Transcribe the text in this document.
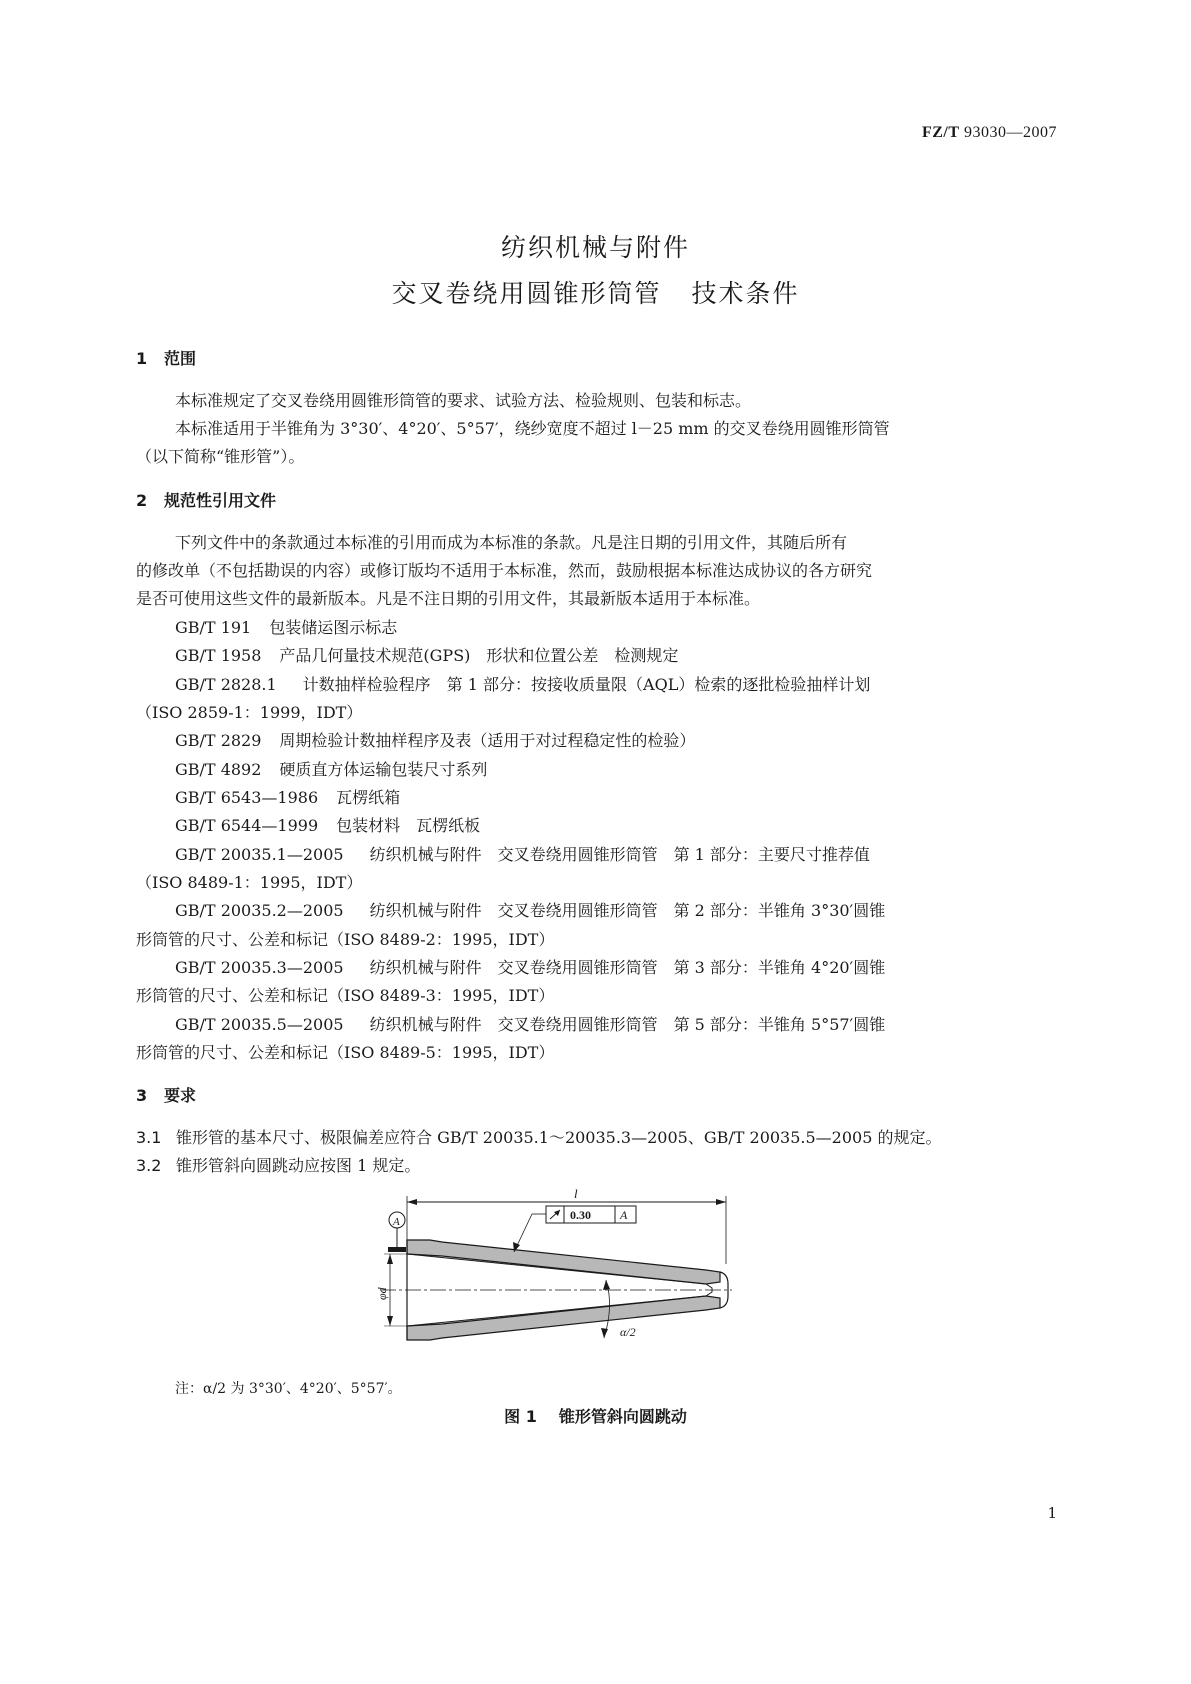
FZ/T 93030—2007
纺织机械与附件
交叉卷绕用圆锥形筒管 技术条件
1 范围
本标准规定了交叉卷绕用圆锥形筒管的要求、试验方法、检验规则、包装和标志。
本标准适用于半锥角为 3°30′、4°20′、5°57′，绕纱宽度不超过 l－25 mm 的交叉卷绕用圆锥形筒管
（以下简称“锥形管”）。
2 规范性引用文件
下列文件中的条款通过本标准的引用而成为本标准的条款。凡是注日期的引用文件，其随后所有
的修改单（不包括勘误的内容）或修订版均不适用于本标准，然而，鼓励根据本标准达成协议的各方研究
是否可使用这些文件的最新版本。凡是不注日期的引用文件，其最新版本适用于本标准。
GB/T 191 包装储运图示标志
GB/T 1958 产品几何量技术规范(GPS)　形状和位置公差　检测规定
GB/T 2828.1 计数抽样检验程序　第 1 部分：按接收质量限（AQL）检索的逐批检验抽样计划
（ISO 2859-1：1999，IDT）
GB/T 2829 周期检验计数抽样程序及表（适用于对过程稳定性的检验）
GB/T 4892 硬质直方体运输包装尺寸系列
GB/T 6543—1986 瓦楞纸箱
GB/T 6544—1999 包装材料　瓦楞纸板
GB/T 20035.1—2005 纺织机械与附件　交叉卷绕用圆锥形筒管　第 1 部分：主要尺寸推荐值
（ISO 8489-1：1995，IDT）
GB/T 20035.2—2005 纺织机械与附件　交叉卷绕用圆锥形筒管　第 2 部分：半锥角 3°30′圆锥
形筒管的尺寸、公差和标记（ISO 8489-2：1995，IDT）
GB/T 20035.3—2005 纺织机械与附件　交叉卷绕用圆锥形筒管　第 3 部分：半锥角 4°20′圆锥
形筒管的尺寸、公差和标记（ISO 8489-3：1995，IDT）
GB/T 20035.5—2005 纺织机械与附件　交叉卷绕用圆锥形筒管　第 5 部分：半锥角 5°57′圆锥
形筒管的尺寸、公差和标记（ISO 8489-5：1995，IDT）
3 要求
3.1 锥形管的基本尺寸、极限偏差应符合 GB/T 20035.1～20035.3—2005、GB/T 20035.5—2005 的规定。
3.2 锥形管斜向圆跳动应按图 1 规定。
l
A
φd
0.30 A
α/2
注：α/2 为 3°30′、4°20′、5°57′。
图 1 锥形管斜向圆跳动
1
